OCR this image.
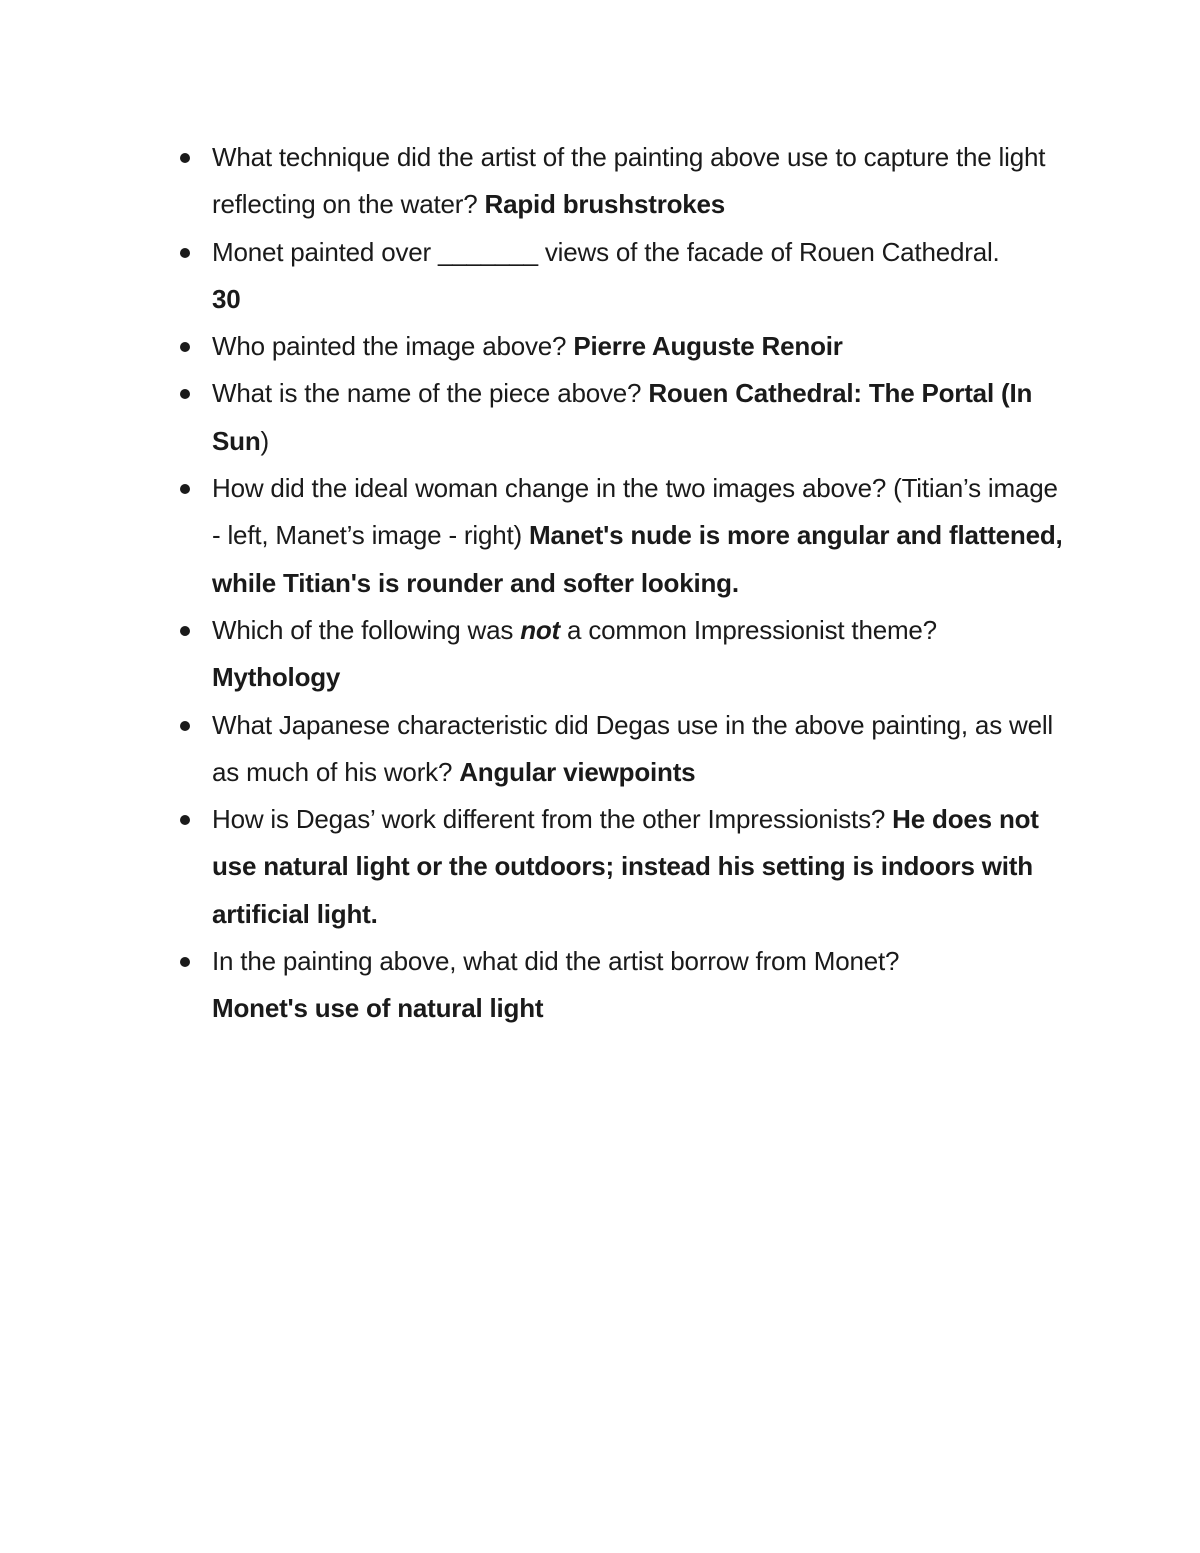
What technique did the artist of the painting above use to capture the light reflecting on the water? Rapid brushstrokes
Monet painted over _______ views of the facade of Rouen Cathedral.
30
Who painted the image above? Pierre Auguste Renoir
What is the name of the piece above? Rouen Cathedral: The Portal (In Sun)
How did the ideal woman change in the two images above? (Titian’s image - left, Manet’s image - right) Manet's nude is more angular and flattened, while Titian's is rounder and softer looking.
Which of the following was not a common Impressionist theme?
Mythology
What Japanese characteristic did Degas use in the above painting, as well as much of his work? Angular viewpoints
How is Degas’ work different from the other Impressionists? He does not use natural light or the outdoors; instead his setting is indoors with artificial light.
In the painting above, what did the artist borrow from Monet?
Monet's use of natural light
